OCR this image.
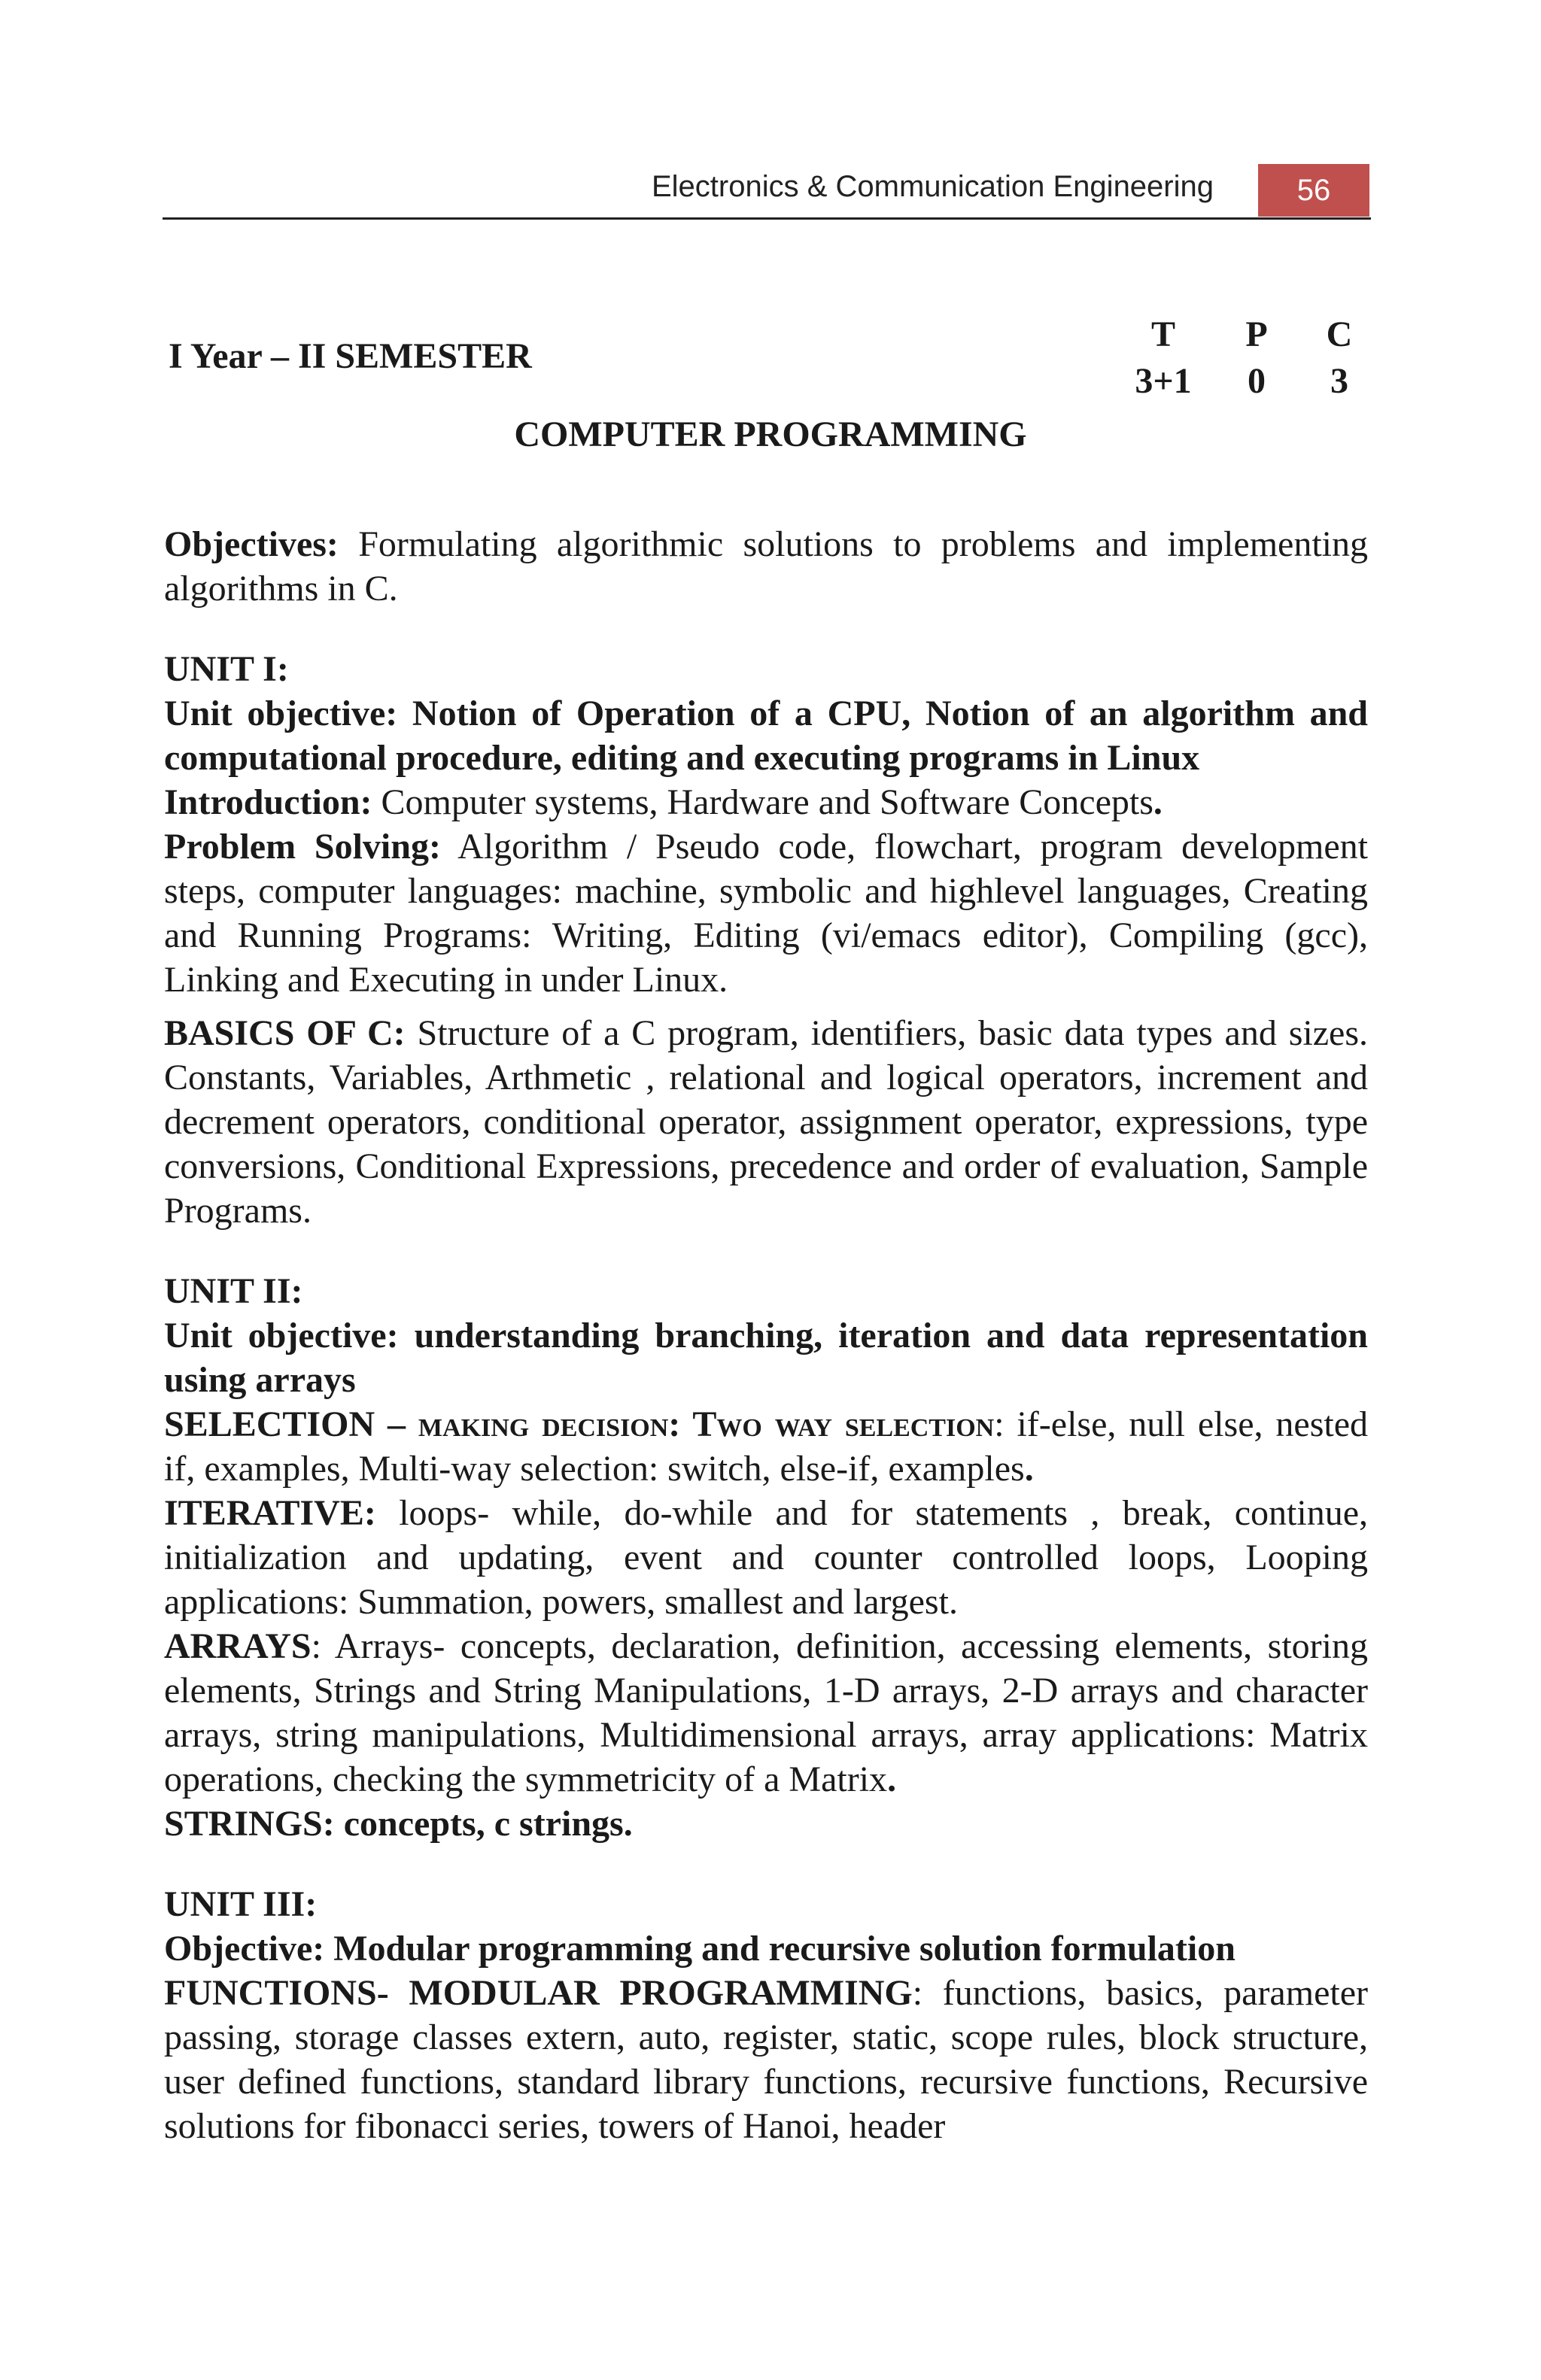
Electronics & Communication Engineering	56
I Year – II SEMESTER
T
3+1
P
0
C
3
COMPUTER PROGRAMMING

Objectives: Formulating algorithmic solutions to problems and implementing algorithms in C.

UNIT I:

Unit objective: Notion of Operation of a CPU, Notion of an algorithm and computational procedure, editing and executing programs in Linux

Introduction: Computer systems, Hardware and Software Concepts.

Problem Solving: Algorithm / Pseudo code, flowchart, program development steps, computer languages: machine, symbolic and highlevel languages, Creating and Running Programs: Writing, Editing (vi/emacs editor), Compiling (gcc), Linking and Executing in under Linux.

BASICS OF C: Structure of a C program, identifiers, basic data types and sizes. Constants, Variables, Arthmetic , relational and logical operators, increment and decrement operators, conditional operator, assignment operator, expressions, type conversions, Conditional Expressions, precedence and order of evaluation, Sample Programs.

UNIT II:

Unit objective: understanding branching, iteration and data representation using arrays

SELECTION – making decision: Two way selection: if-else, null else, nested if, examples, Multi-way selection: switch, else-if, examples.

ITERATIVE: loops- while, do-while and for statements , break, continue, initialization and updating, event and counter controlled loops, Looping applications: Summation, powers, smallest and largest.

ARRAYS: Arrays- concepts, declaration, definition, accessing elements, storing elements, Strings and String Manipulations, 1-D arrays, 2-D arrays and character arrays, string manipulations, Multidimensional arrays, array applications: Matrix operations, checking the symmetricity of a Matrix.

STRINGS: concepts, c strings.

UNIT III:

Objective: Modular programming and recursive solution formulation

FUNCTIONS- MODULAR PROGRAMMING: functions, basics, parameter passing, storage classes extern, auto, register, static, scope rules, block structure, user defined functions, standard library functions, recursive functions, Recursive solutions for fibonacci series, towers of Hanoi, header
